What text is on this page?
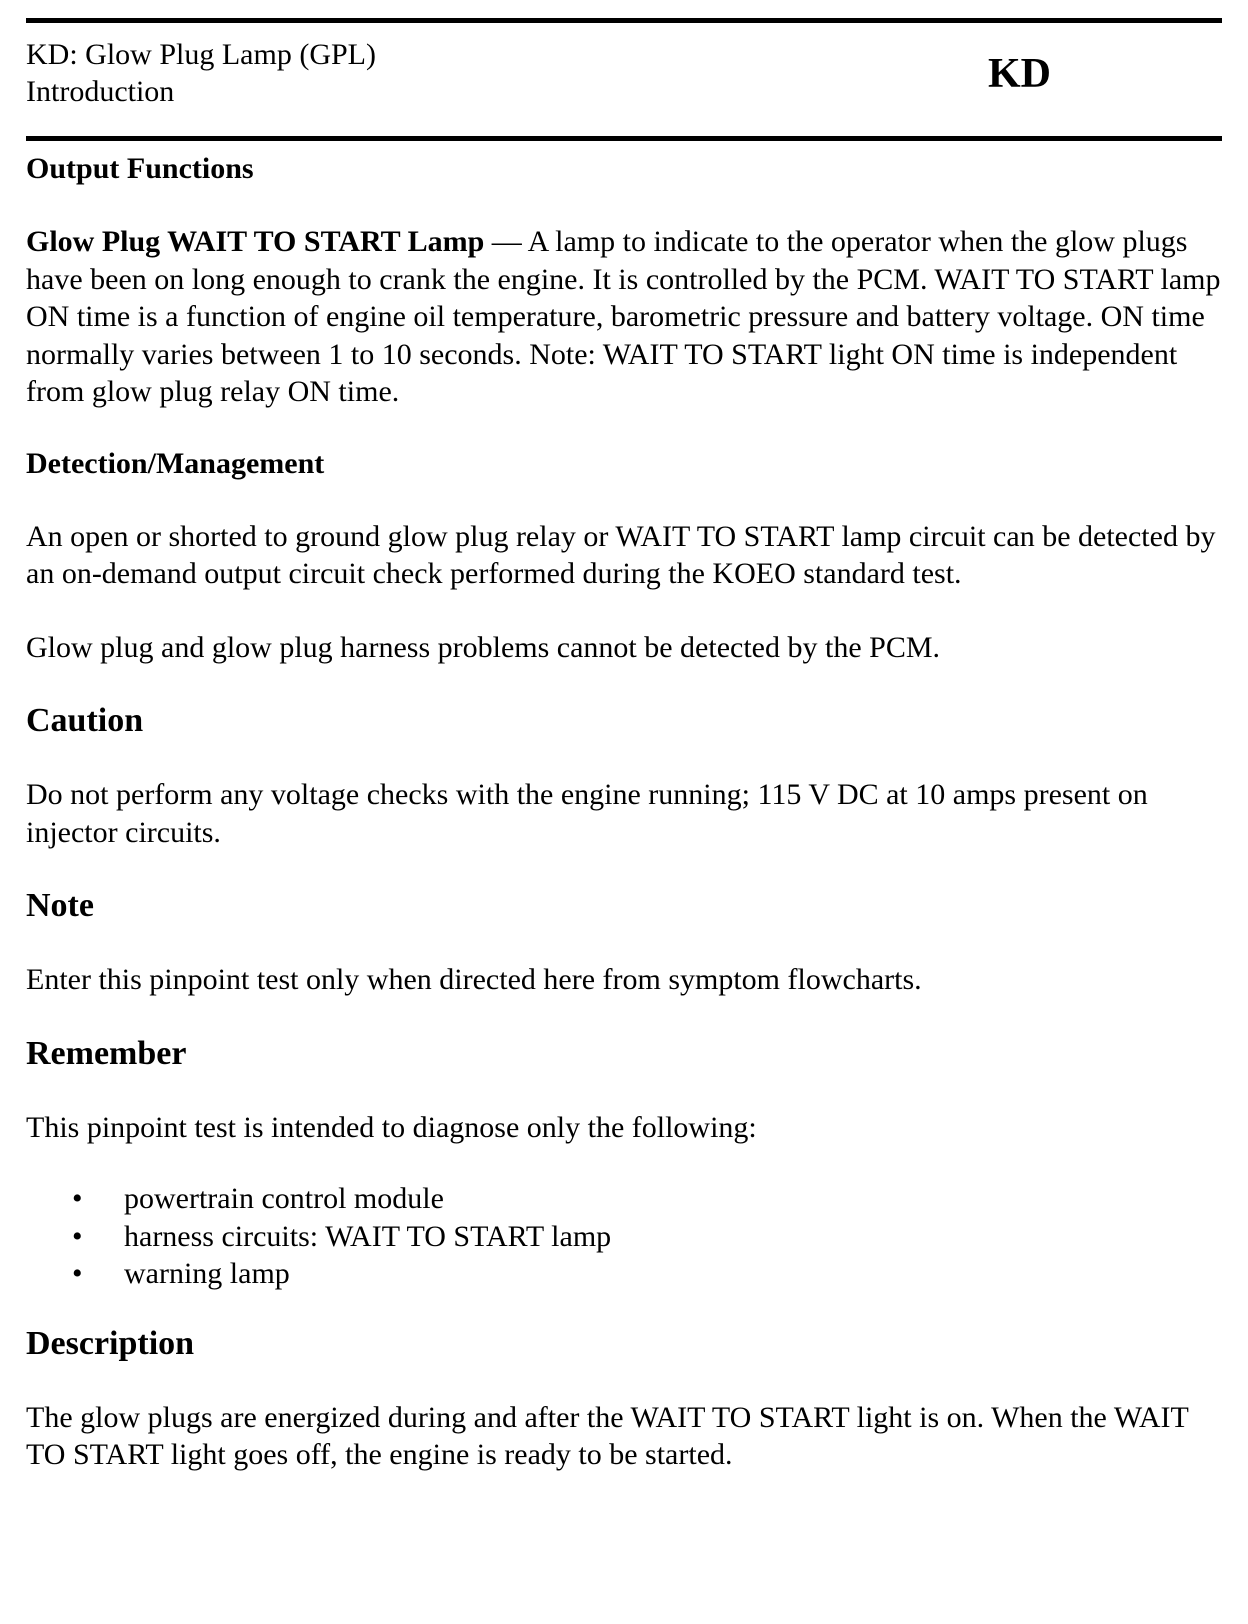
KD: Glow Plug Lamp (GPL)
Introduction	KD
Output Functions

Glow Plug WAIT TO START Lamp — A lamp to indicate to the operator when the glow plugs have been on long enough to crank the engine. It is controlled by the PCM. WAIT TO START lamp ON time is a function of engine oil temperature, barometric pressure and battery voltage. ON time normally varies between 1 to 10 seconds. Note: WAIT TO START light ON time is independent from glow plug relay ON time.

Detection/Management

An open or shorted to ground glow plug relay or WAIT TO START lamp circuit can be detected by an on-demand output circuit check performed during the KOEO standard test.

Glow plug and glow plug harness problems cannot be detected by the PCM.

Caution

Do not perform any voltage checks with the engine running; 115 V DC at 10 amps present on injector circuits.

Note

Enter this pinpoint test only when directed here from symptom flowcharts.

Remember

This pinpoint test is intended to diagnose only the following:

• powertrain control module
• harness circuits: WAIT TO START lamp
• warning lamp
Description

The glow plugs are energized during and after the WAIT TO START light is on. When the WAIT TO START light goes off, the engine is ready to be started.
